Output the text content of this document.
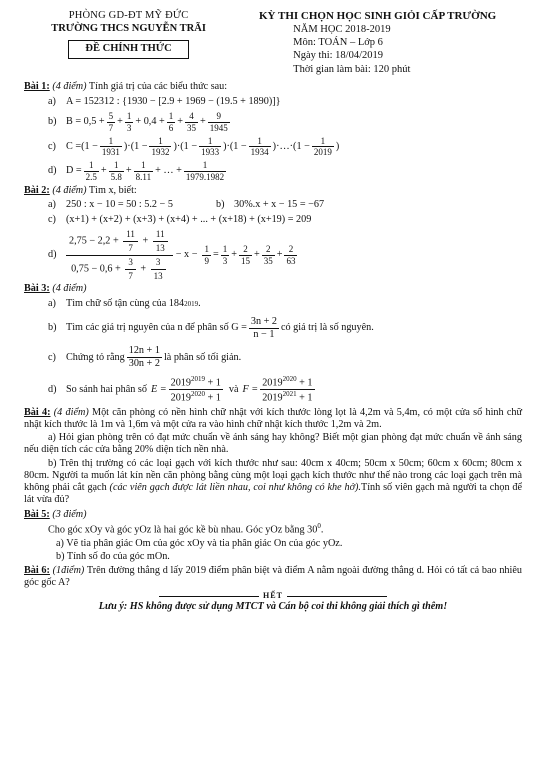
PHÒNG GD-ĐT MỸ ĐỨC
TRƯỜNG THCS NGUYỄN TRÃI
ĐỀ CHÍNH THỨC
KỲ THI CHỌN HỌC SINH GIỎI CẤP TRƯỜNG
NĂM HỌC 2018-2019
Môn: TOÁN – Lớp 6
Ngày thi: 18/04/2019
Thời gian làm bài: 120 phút
Bài 1: (4 điểm) Tính giá trị của các biểu thức sau:
a) A = 152312 : {1930 − [2.9 + 1969 − (19.5 + 1890)]}
b) $B = 0,5 + \frac{5}{7} + \frac{1}{3} + 0,4 + \frac{1}{6} + \frac{4}{35} + \frac{9}{1945}$
c) $C = (1 - \frac{1}{1931}$ ) · ($1 - \frac{1}{1932}$ ) · ($1 - \frac{1}{1933}$ ) · ($1 - \frac{1}{1934}$ ) ·…· ($1 - \frac{1}{2019}$ )
d) $D = \frac{1}{2.5} + \frac{1}{5.8} + \frac{1}{8.11}$ + … + $\frac{1}{1979.1982}$
Bài 2: (4 điểm) Tìm x, biết:
a) 250 : x − 10 = 50 : 5.2 − 5	b) 30%.x + x − 15 = −67
c) (x+1) + (x+2) + (x+3) + (x+4) + ... + (x+18) + (x+19) = 209
$d) \frac{2,75 - 2,2 + \frac{11}{7} + \frac{11}{13}}{0,75 - 0,6 + \frac{3}{7} + \frac{3}{13}} - x - \frac{1}{9} = \frac{1}{3} + \frac{2}{15} + \frac{2}{35} + \frac{2}{63}$
Bài 3: (4 điểm)
a) Tìm chữ số tận cùng của 184 2019 .
b) Tìm các giá trị nguyên của n để phân số $G = \frac{3n + 2}{n - 1}$ có giá trị là số nguyên.
c) Chứng tỏ rằng $\frac{12n + 1}{30n + 2}$ là phân số tối giản.
d) So sánh hai phân số $E = \frac{2019^{2019} + 1}{2019^{2020} + 1}$ và $F = \frac{2019^{2020} + 1}{2019^{2021} + 1}$
Bài 4: (4 điểm) Một căn phòng có nền hình chữ nhật với kích thước lòng lọt là 4,2m và 5,4m, có một cửa sổ hình chữ nhật kích thước là 1m và 1,6m và một cửa ra vào hình chữ nhật kích thước 1,2m và 2m.
a) Hỏi gian phòng trên có đạt mức chuẩn về ánh sáng hay không? Biết một gian phòng đạt mức chuẩn về ánh sáng nếu diện tích các cửa bằng 20% diện tích nền nhà.
b) Trên thị trường có các loại gạch với kích thước như sau: 40cm x 40cm; 50cm x 50cm; 60cm x 60cm; 80cm x 80cm. Người ta muốn lát kín nền căn phòng bằng cùng một loại gạch kích thước như thế nào trong các loại gạch trên mà không phải cắt gạch (các viên gạch được lát liền nhau, coi như không có khe hở).Tính số viên gạch mà người ta chọn để lát vừa đủ?
Bài 5: (3 điểm)
Cho góc xOy và góc yOz là hai góc kề bù nhau. Góc yOz bằng $30^0$.
a) Vẽ tia phân giác Om của góc xOy và tia phân giác On của góc yOz.
b) Tính số đo của góc mOn.
Bài 6: (1điểm) Trên đường thẳng d lấy 2019 điểm phân biệt và điểm A nằm ngoài đường thẳng d. Hỏi có tất cả bao nhiêu góc gốc A?
HẾT
Lưu ý: HS không được sử dụng MTCT và Cán bộ coi thi không giải thích gì thêm!
